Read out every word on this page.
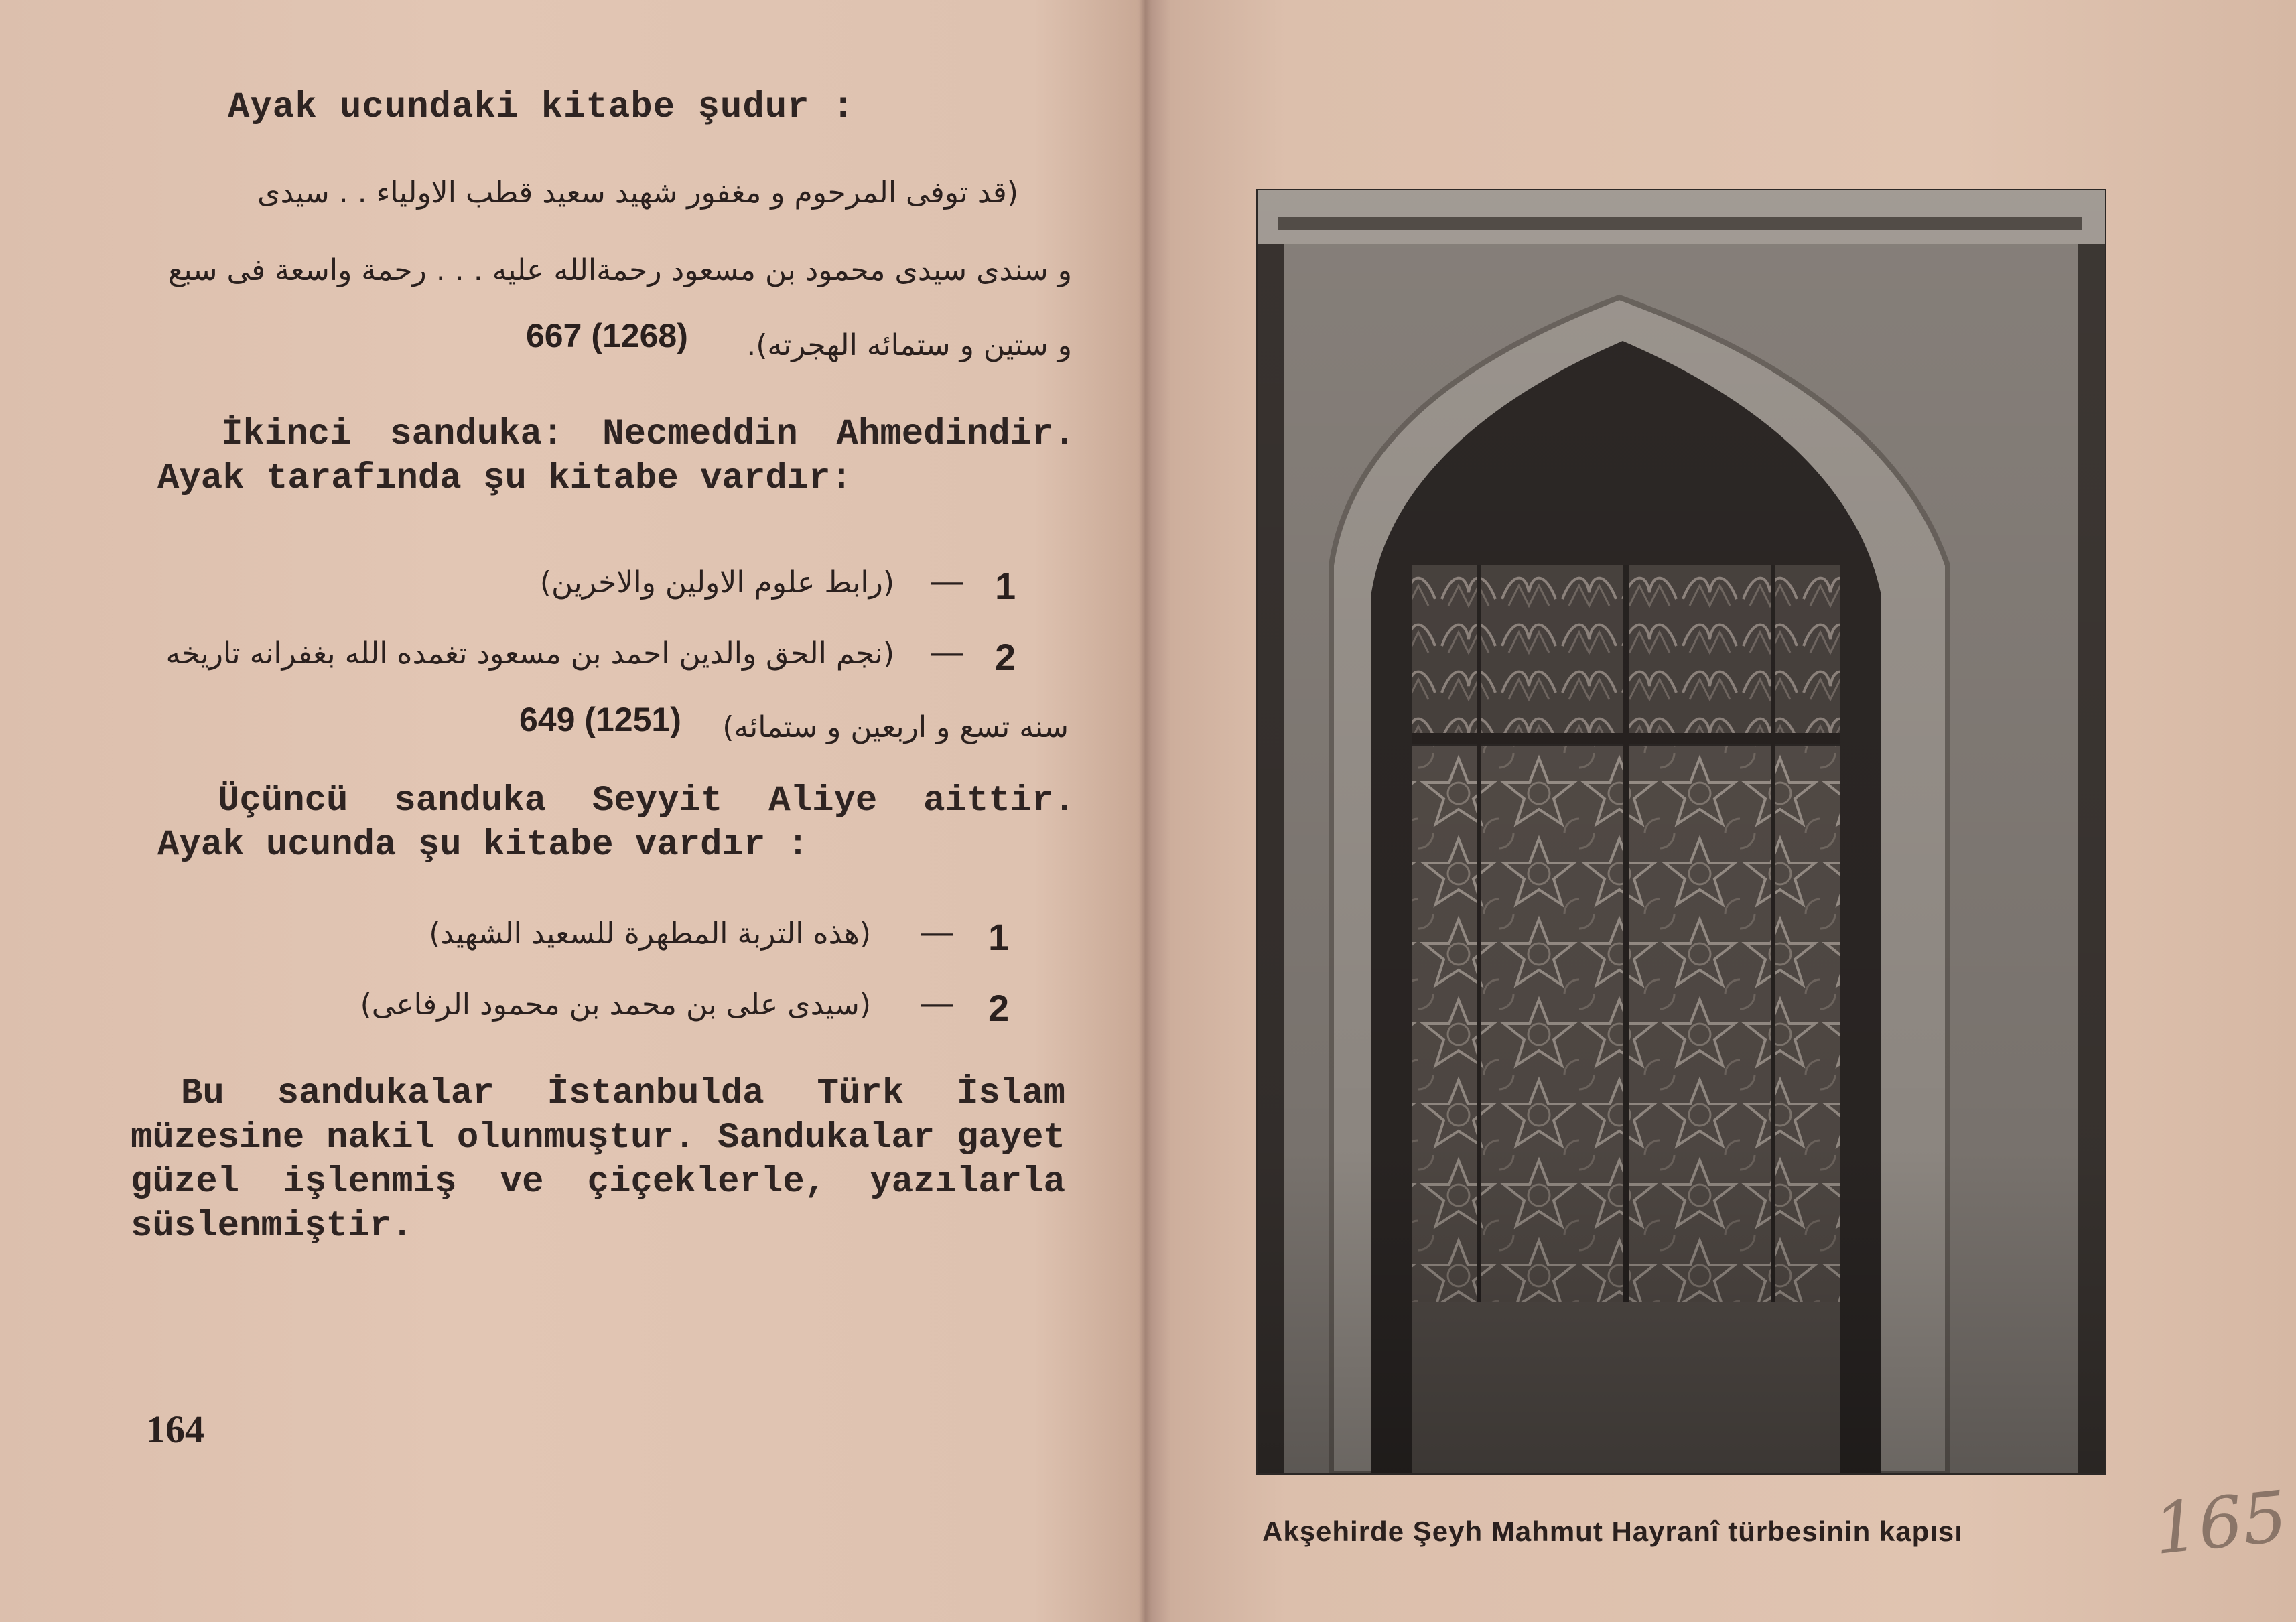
Ayak ucundaki kitabe şudur :
(قد توفى المرحوم و مغفور شهيد سعيد قطب الاولياء . . سيدى
و سندى سيدى محمود بن مسعود رحمةالله عليه . . . رحمة واسعة فى سبع
و ستين و ستمائه الهجرته).
667 (1268)
İkinci sanduka: Necmeddin Ahmedindir. Ayak tarafında şu kitabe vardır:
(رابط علوم الاولين والاخرين) — 1
(نجم الحق والدين احمد بن مسعود تغمده الله بغفرانه تاريخه — 2
سنه تسع و اربعين و ستمائه)
649 (1251)
Üçüncü sanduka Seyyit Aliye aittir. Ayak ucunda şu kitabe vardır :
(هذه التربة المطهرة للسعيد الشهيد) — 1
(سيدى على بن محمد بن محمود الرفاعى) — 2
Bu sandukalar İstanbulda Türk İslam müzesine nakil olunmuştur. Sandukalar gayet güzel işlenmiş ve çiçeklerle, yazılarla süslenmiştir.
164
Akşehirde Şeyh Mahmut Hayranî türbesinin kapısı	165
